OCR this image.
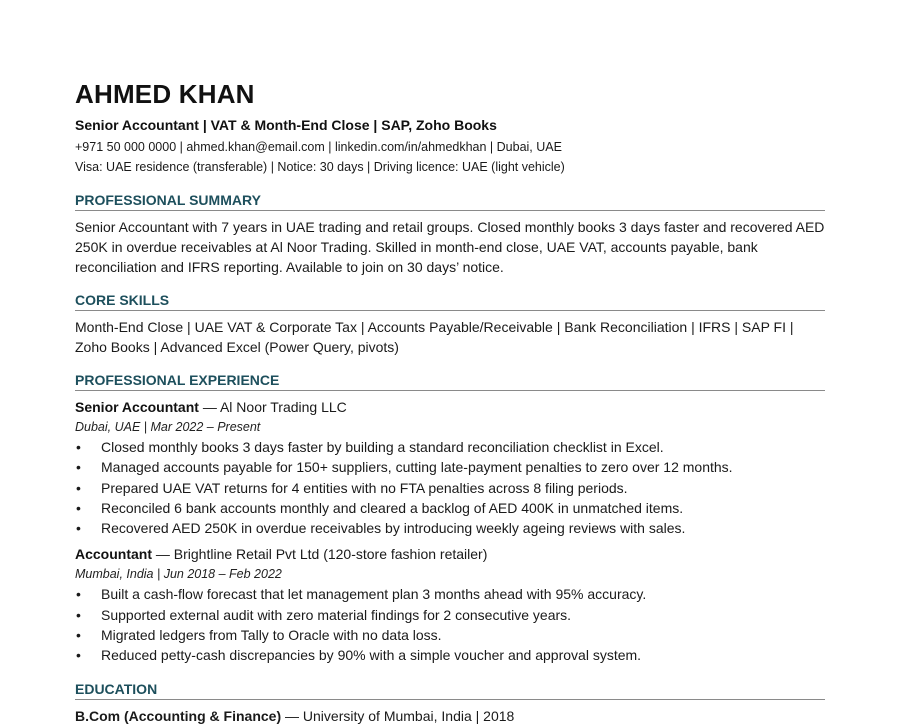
AHMED KHAN
Senior Accountant | VAT & Month-End Close | SAP, Zoho Books
+971 50 000 0000 | ahmed.khan@email.com | linkedin.com/in/ahmedkhan | Dubai, UAE
Visa: UAE residence (transferable) | Notice: 30 days | Driving licence: UAE (light vehicle)
PROFESSIONAL SUMMARY
Senior Accountant with 7 years in UAE trading and retail groups. Closed monthly books 3 days faster and recovered AED 250K in overdue receivables at Al Noor Trading. Skilled in month-end close, UAE VAT, accounts payable, bank reconciliation and IFRS reporting. Available to join on 30 days’ notice.
CORE SKILLS
Month-End Close | UAE VAT & Corporate Tax | Accounts Payable/Receivable | Bank Reconciliation | IFRS | SAP FI | Zoho Books | Advanced Excel (Power Query, pivots)
PROFESSIONAL EXPERIENCE
Senior Accountant — Al Noor Trading LLC
Dubai, UAE | Mar 2022 – Present
• Closed monthly books 3 days faster by building a standard reconciliation checklist in Excel.
• Managed accounts payable for 150+ suppliers, cutting late-payment penalties to zero over 12 months.
• Prepared UAE VAT returns for 4 entities with no FTA penalties across 8 filing periods.
• Reconciled 6 bank accounts monthly and cleared a backlog of AED 400K in unmatched items.
• Recovered AED 250K in overdue receivables by introducing weekly ageing reviews with sales.
Accountant — Brightline Retail Pvt Ltd (120-store fashion retailer)
Mumbai, India | Jun 2018 – Feb 2022
• Built a cash-flow forecast that let management plan 3 months ahead with 95% accuracy.
• Supported external audit with zero material findings for 2 consecutive years.
• Migrated ledgers from Tally to Oracle with no data loss.
• Reduced petty-cash discrepancies by 90% with a simple voucher and approval system.
EDUCATION
B.Com (Accounting & Finance) — University of Mumbai, India | 2018
